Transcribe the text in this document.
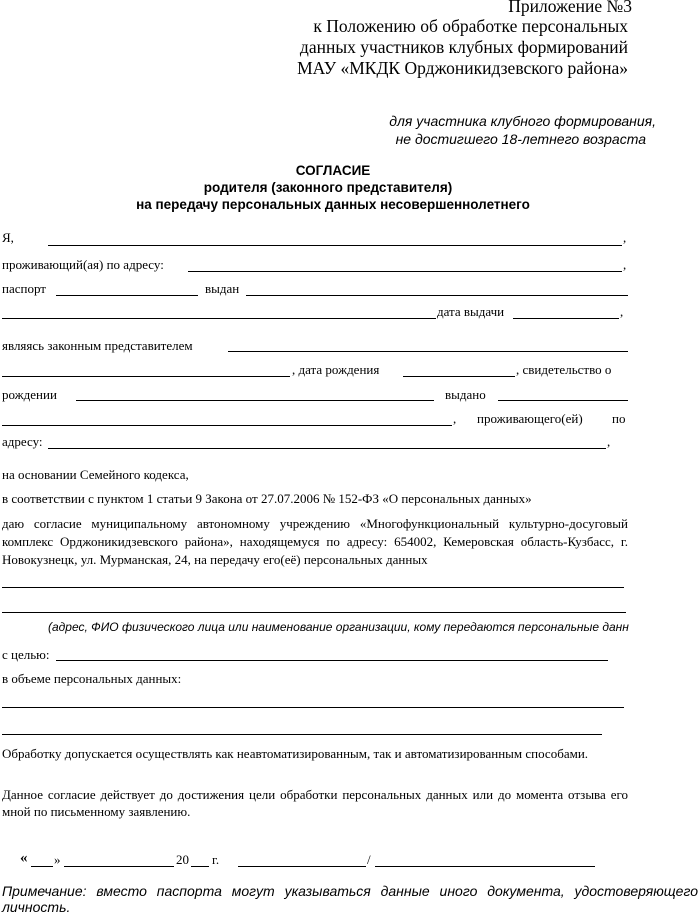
Приложение №3
к Положению об обработке персональных
данных участников клубных формирований
МАУ «МКДК Орджоникидзевского района»
для участника клубного формирования,
не достигшего 18-летнего возраста
СОГЛАСИЕ
родителя (законного представителя)
на передачу персональных данных несовершеннолетнего
Я,	,
проживающий(ая) по адресу:	,
паспорт	выдан
дата выдачи	,
являясь законным представителем
, дата рождения	, свидетельство о
рождении	выдано
, проживающего(ей) по
адресу:	,
на основании Семейного кодекса,
в соответствии с пунктом 1 статьи 9 Закона от 27.07.2006 № 152-ФЗ «О персональных данных»
даю согласие муниципальному автономному учреждению «Многофункциональный культурно-досуговый комплекс Орджоникидзевского района», находящемуся по адресу: 654002, Кемеровская область-Кузбасс, г. Новокузнецк, ул. Мурманская, 24, на передачу его(её) персональных данных
(адрес, ФИО физического лица или наименование организации, кому передаются персональные данн
с целью:
в объеме персональных данных:
Обработку допускается осуществлять как неавтоматизированным, так и автоматизированным способами.
Данное согласие действует до достижения цели обработки персональных данных или до момента отзыва его мной по письменному заявлению.
« »	20 г.	/
Примечание: вместо паспорта могут указываться данные иного документа, удостоверяющего личность.
